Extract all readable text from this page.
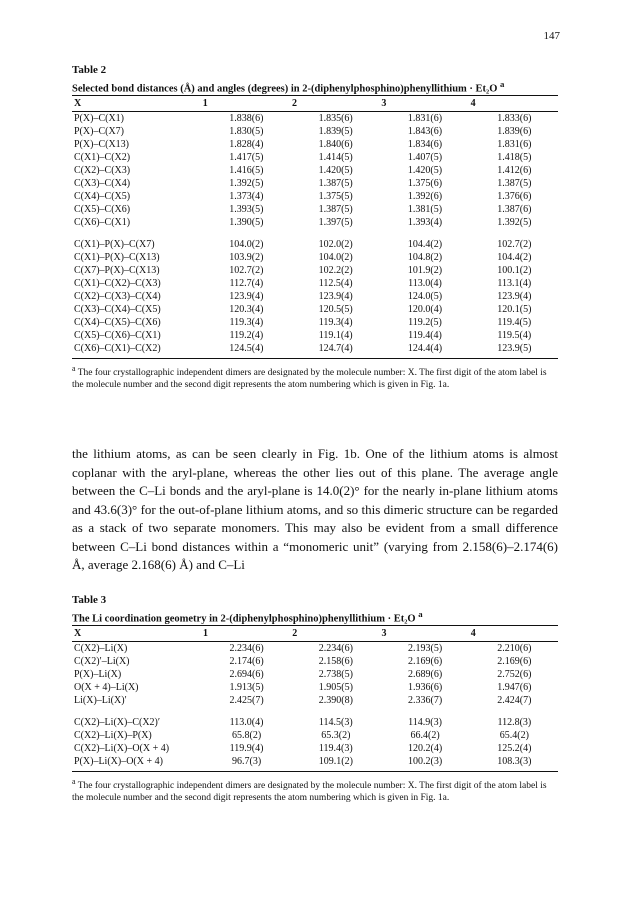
147
Table 2
Selected bond distances (Å) and angles (degrees) in 2-(diphenylphosphino)phenyllithium · Et₂O $^a$
X	1	2	3	4
P(X)–C(X1)	1.838(6)	1.835(6)	1.831(6)	1.833(6)
P(X)–C(X7)	1.830(5)	1.839(5)	1.843(6)	1.839(6)
P(X)–C(X13)	1.828(4)	1.840(6)	1.834(6)	1.831(6)
C(X1)–C(X2)	1.417(5)	1.414(5)	1.407(5)	1.418(5)
C(X2)–C(X3)	1.416(5)	1.420(5)	1.420(5)	1.412(6)
C(X3)–C(X4)	1.392(5)	1.387(5)	1.375(6)	1.387(5)
C(X4)–C(X5)	1.373(4)	1.375(5)	1.392(6)	1.376(6)
C(X5)–C(X6)	1.393(5)	1.387(5)	1.381(5)	1.387(6)
C(X6)–C(X1)	1.390(5)	1.397(5)	1.393(4)	1.392(5)
C(X1)–P(X)–C(X7)	104.0(2)	102.0(2)	104.4(2)	102.7(2)
C(X1)–P(X)–C(X13)	103.9(2)	104.0(2)	104.8(2)	104.4(2)
C(X7)–P(X)–C(X13)	102.7(2)	102.2(2)	101.9(2)	100.1(2)
C(X1)–C(X2)–C(X3)	112.7(4)	112.5(4)	113.0(4)	113.1(4)
C(X2)–C(X3)–C(X4)	123.9(4)	123.9(4)	124.0(5)	123.9(4)
C(X3)–C(X4)–C(X5)	120.3(4)	120.5(5)	120.0(4)	120.1(5)
C(X4)–C(X5)–C(X6)	119.3(4)	119.3(4)	119.2(5)	119.4(5)
C(X5)–C(X6)–C(X1)	119.2(4)	119.1(4)	119.4(4)	119.5(4)
C(X6)–C(X1)–C(X2)	124.5(4)	124.7(4)	124.4(4)	123.9(5)
$^a$ The four crystallographic independent dimers are designated by the molecule number: X. The first digit of the atom label is the molecule number and the second digit represents the atom numbering which is given in Fig. 1a.
the lithium atoms, as can be seen clearly in Fig. 1b. One of the lithium atoms is almost coplanar with the aryl-plane, whereas the other lies out of this plane. The average angle between the C–Li bonds and the aryl-plane is 14.0(2)° for the nearly in-plane lithium atoms and 43.6(3)° for the out-of-plane lithium atoms, and so this dimeric structure can be regarded as a stack of two separate monomers. This may also be evident from a small difference between C–Li bond distances within a “monomeric unit” (varying from 2.158(6)–2.174(6) Å, average 2.168(6) Å) and C–Li
Table 3
The Li coordination geometry in 2-(diphenylphosphino)phenyllithium · Et₂O $^a$
X	1	2	3	4
C(X2)–Li(X)	2.234(6)	2.234(6)	2.193(5)	2.210(6)
C(X2)′–Li(X)	2.174(6)	2.158(6)	2.169(6)	2.169(6)
P(X)–Li(X)	2.694(6)	2.738(5)	2.689(6)	2.752(6)
O(X + 4)–Li(X)	1.913(5)	1.905(5)	1.936(6)	1.947(6)
Li(X)–Li(X)′	2.425(7)	2.390(8)	2.336(7)	2.424(7)
C(X2)–Li(X)–C(X2)′	113.0(4)	114.5(3)	114.9(3)	112.8(3)
C(X2)–Li(X)–P(X)	65.8(2)	65.3(2)	66.4(2)	65.4(2)
C(X2)–Li(X)–O(X + 4)	119.9(4)	119.4(3)	120.2(4)	125.2(4)
P(X)–Li(X)–O(X + 4)	96.7(3)	109.1(2)	100.2(3)	108.3(3)
$^a$ The four crystallographic independent dimers are designated by the molecule number: X. The first digit of the atom label is the molecule number and the second digit represents the atom numbering which is given in Fig. 1a.
